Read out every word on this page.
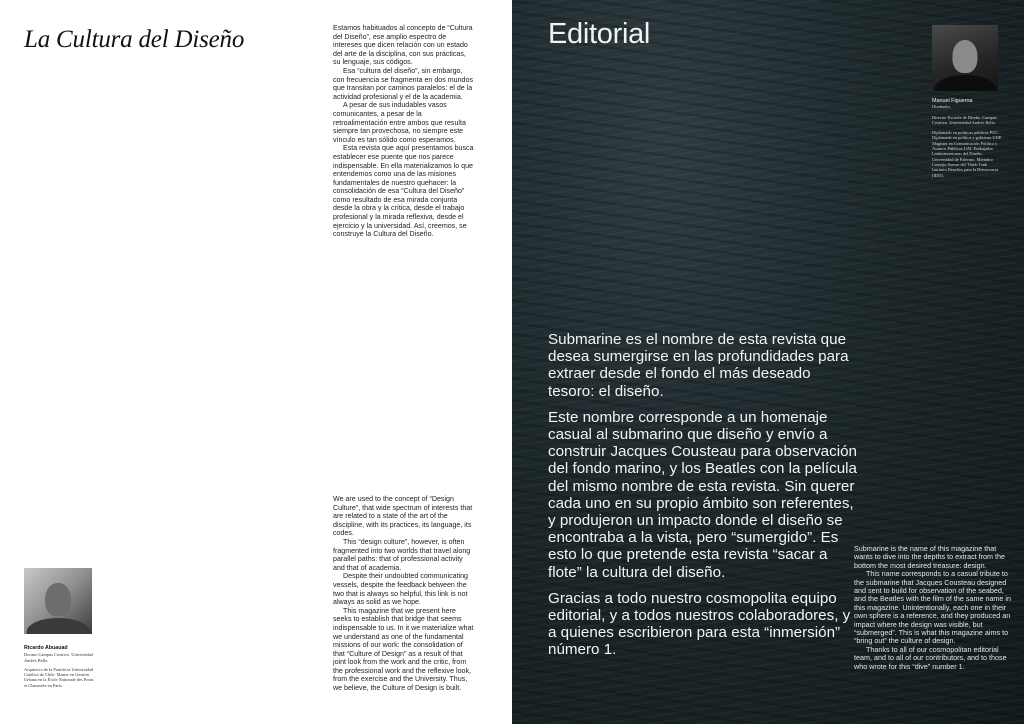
La Cultura del Diseño	Estamos habituados al concepto de “Cultura del Diseño”, ese amplio espectro de intereses que dicen relación con un estado del arte de la disciplina, con sus prácticas, su lenguaje, sus códigos.

Esa “cultura del diseño”, sin embargo, con frecuencia se fragmenta en dos mundos que transitan por caminos paralelos: el de la actividad profesional y el de la academia.

A pesar de sus indudables vasos comunicantes, a pesar de la retroalimentación entre ambos que resulta siempre tan provechosa, no siempre este vínculo es tan sólido como esperamos.

Esta revista que aquí presentamos busca establecer ese puente que nos parece indispensable. En ella materializamos lo que entendemos como una de las misiones fundamentales de nuestro quehacer: la consolidación de esa “Cultura del Diseño” como resultado de esa mirada conjunta desde la obra y la crítica, desde el trabajo profesional y la mirada reflexiva, desde el ejercicio y la universidad. Así, creemos, se construye la Cultura del Diseño.

We are used to the concept of “Design Culture”, that wide spectrum of interests that are related to a state of the art of the discipline, with its practices, its language, its codes.

This “design culture”, however, is often fragmented into two worlds that travel along parallel paths: that of professional activity and that of academia.

Despite their undoubted communicating vessels, despite the feedback between the two that is always so helpful, this link is not always as solid as we hope.

This magazine that we present here seeks to establish that bridge that seems indispensable to us. In it we materialize what we understand as one of the fundamental missions of our work: the consolidation of that “Culture of Design” as a result of that joint look from the work and the critic, from the professional work and the reflexive look, from the exercise and the University. Thus, we believe, the Culture of Design is built.

Ricardo Abuauad
Decano Campus Creativo. Universidad Andrés Bello.
Arquitecto de la Pontificia Universidad Católica de Chile. Master en Gestión Urbana en la École Nationale des Ponts et Chaussées en París.
Editorial
Manuel Figueroa
Diseñador.
Director Escuela de Diseño. Campus Creativo. Universidad Andrés Bello.
Diplomado en políticas públicas PUC. Diplomado en política y gobierno UDP. Magíster en Comunicación Política y Asuntos Públicos UAI. Embajador Latinoamericano del Diseño. Universidad de Palermo. Miembro Consejo Asesor del Think Tank Instituto Desafíos para la Democracia (IDD).

Submarine es el nombre de esta revista que desea sumergirse en las profundidades para extraer desde el fondo el más deseado tesoro: el diseño.

Este nombre corresponde a un homenaje casual al submarino que diseño y envío a construir Jacques Cousteau para observación del fondo marino, y los Beatles con la película del mismo nombre de esta revista. Sin querer cada uno en su propio ámbito son referentes, y produjeron un impacto donde el diseño se encontraba a la vista, pero “sumergido”. Es esto lo que pretende esta revista “sacar a flote” la cultura del diseño.

Gracias a todo nuestro cosmopolita equipo editorial, y a todos nuestros colaboradores, y a quienes escribieron para esta “inmersión” número 1.

Submarine is the name of this magazine that wants to dive into the depths to extract from the bottom the most desired treasure: design.

This name corresponds to a casual tribute to the submarine that Jacques Cousteau designed and sent to build for observation of the seabed, and the Beatles with the film of the same name in this magazine. Unintentionally, each one in their own sphere is a reference, and they produced an impact where the design was visible, but “submerged”. This is what this magazine aims to “bring out” the culture of design.

Thanks to all of our cosmopolitan editorial team, and to all of our contributors, and to those who wrote for this “dive” number 1.
